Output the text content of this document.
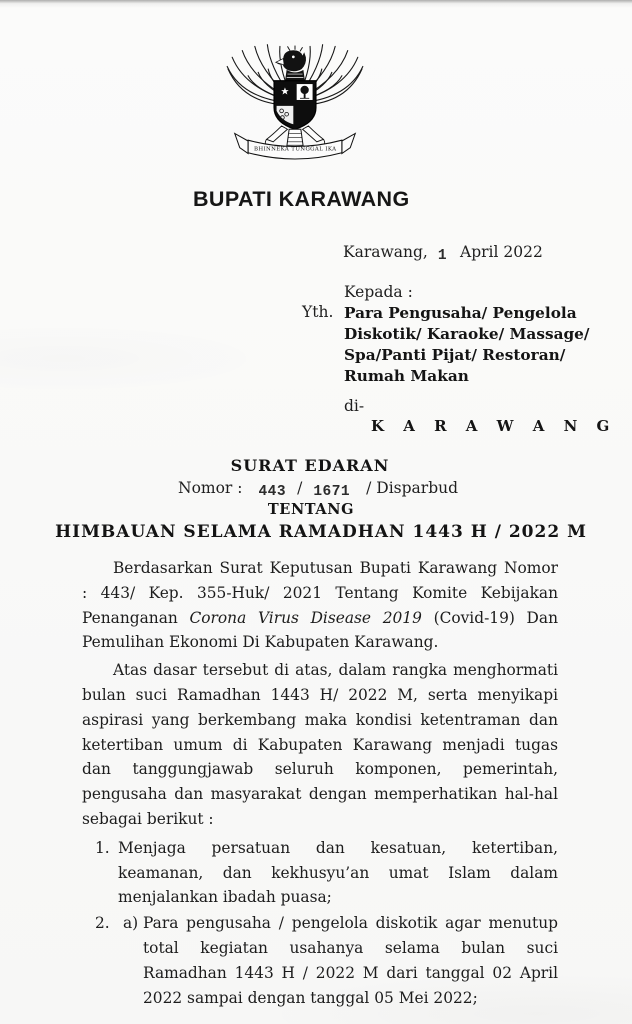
BHINNEKA TUNGGAL IKA
BUPATI KARAWANG
Karawang, 1 April 2022
Kepada :
Yth. Para Pengusaha/ Pengelola
Diskotik/ Karaoke/ Massage/
Spa/Panti Pijat/ Restoran/
Rumah Makan
di-
K A R A W A N G
SURAT EDARAN
Nomor : 443 / 1671 / Disparbud
TENTANG
HIMBAUAN SELAMA RAMADHAN 1443 H / 2022 M

Berdasarkan Surat Keputusan Bupati Karawang Nomor : 443/ Kep. 355-Huk/ 2021 Tentang Komite Kebijakan Penanganan Corona Virus Disease 2019 (Covid-19) Dan Pemulihan Ekonomi Di Kabupaten Karawang.

Atas dasar tersebut di atas, dalam rangka menghormati bulan suci Ramadhan 1443 H/ 2022 M, serta menyikapi aspirasi yang berkembang maka kondisi ketentraman dan ketertiban umum di Kabupaten Karawang menjadi tugas dan tanggungjawab seluruh komponen, pemerintah, pengusaha dan masyarakat dengan memperhatikan hal-hal sebagai berikut :

1. Menjaga persatuan dan kesatuan, ketertiban, keamanan, dan kekhusyu’an umat Islam dalam menjalankan ibadah puasa;
2. a) Para pengusaha / pengelola diskotik agar menutup total kegiatan usahanya selama bulan suci Ramadhan 1443 H / 2022 M dari tanggal 02 April 2022 sampai dengan tanggal 05 Mei 2022;
